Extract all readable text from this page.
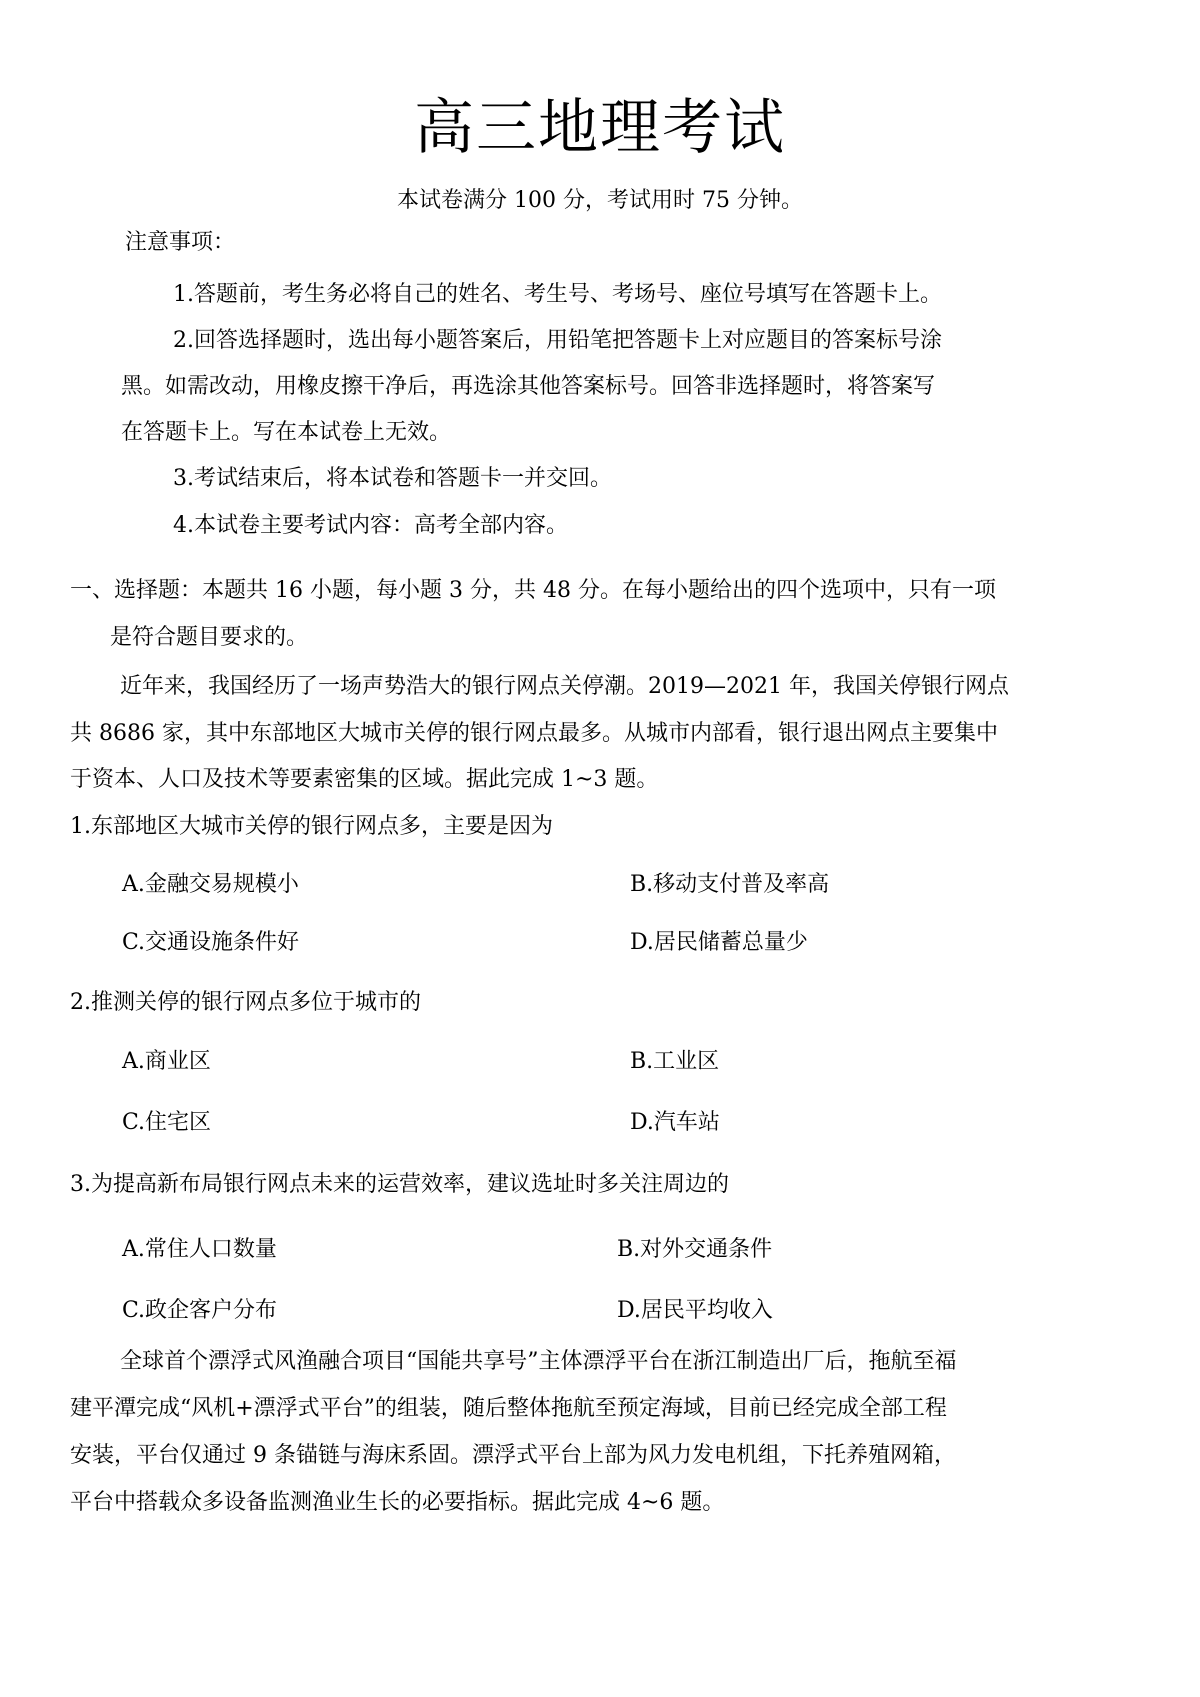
高三地理考试
本试卷满分 100 分，考试用时 75 分钟。
注意事项：
1.答题前，考生务必将自己的姓名、考生号、考场号、座位号填写在答题卡上。
2.回答选择题时，选出每小题答案后，用铅笔把答题卡上对应题目的答案标号涂
黑。如需改动，用橡皮擦干净后，再选涂其他答案标号。回答非选择题时，将答案写
在答题卡上。写在本试卷上无效。
3.考试结束后，将本试卷和答题卡一并交回。
4.本试卷主要考试内容：高考全部内容。
一、选择题：本题共 16 小题，每小题 3 分，共 48 分。在每小题给出的四个选项中，只有一项
是符合题目要求的。
近年来，我国经历了一场声势浩大的银行网点关停潮。2019—2021 年，我国关停银行网点
共 8686 家，其中东部地区大城市关停的银行网点最多。从城市内部看，银行退出网点主要集中
于资本、人口及技术等要素密集的区域。据此完成 1~3 题。
1.东部地区大城市关停的银行网点多，主要是因为
A.金融交易规模小	B.移动支付普及率高
C.交通设施条件好	D.居民储蓄总量少
2.推测关停的银行网点多位于城市的
A.商业区	B.工业区
C.住宅区	D.汽车站
3.为提高新布局银行网点未来的运营效率，建议选址时多关注周边的
A.常住人口数量	B.对外交通条件
C.政企客户分布	D.居民平均收入
全球首个漂浮式风渔融合项目“国能共享号”主体漂浮平台在浙江制造出厂后，拖航至福
建平潭完成“风机+漂浮式平台”的组装，随后整体拖航至预定海域，目前已经完成全部工程
安装，平台仅通过 9 条锚链与海床系固。漂浮式平台上部为风力发电机组，下托养殖网箱，
平台中搭载众多设备监测渔业生长的必要指标。据此完成 4~6 题。
